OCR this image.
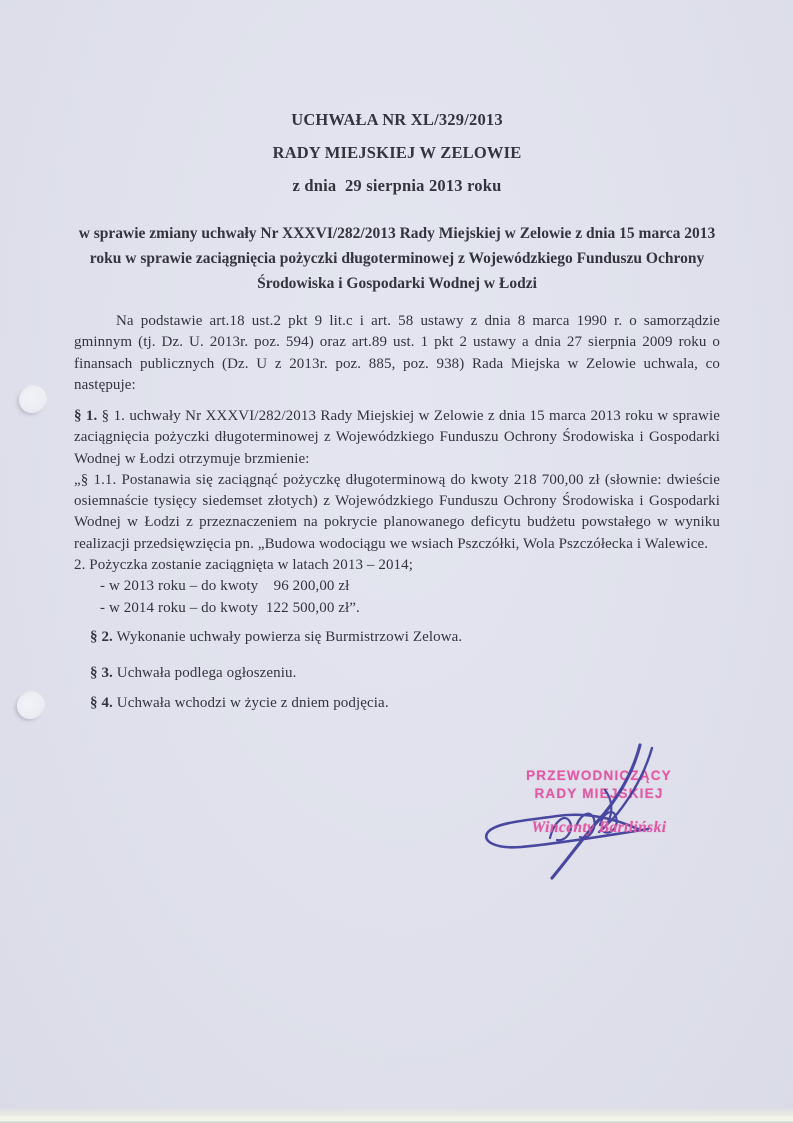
UCHWAŁA NR XL/329/2013
RADY MIEJSKIEJ W ZELOWIE
z dnia  29 sierpnia 2013 roku
w sprawie zmiany uchwały Nr XXXVI/282/2013 Rady Miejskiej w Zelowie z dnia 15 marca 2013 roku w sprawie zaciągnięcia pożyczki długoterminowej z Wojewódzkiego Funduszu Ochrony Środowiska i Gospodarki Wodnej w Łodzi
Na podstawie art.18 ust.2 pkt 9 lit.c i art. 58 ustawy z dnia 8 marca 1990 r. o samorządzie gminnym (tj. Dz. U. 2013r. poz. 594) oraz art.89 ust. 1 pkt 2 ustawy a dnia 27 sierpnia 2009 roku o finansach publicznych (Dz. U z 2013r. poz. 885, poz. 938) Rada Miejska w Zelowie uchwala, co następuje:

§ 1. § 1. uchwały Nr XXXVI/282/2013 Rady Miejskiej w Zelowie z dnia 15 marca 2013 roku w sprawie zaciągnięcia pożyczki długoterminowej z Wojewódzkiego Funduszu Ochrony Środowiska i Gospodarki Wodnej w Łodzi otrzymuje brzmienie:

„§ 1.1. Postanawia się zaciągnąć pożyczkę długoterminową do kwoty 218 700,00 zł (słownie: dwieście osiemnaście tysięcy siedemset złotych) z Wojewódzkiego Funduszu Ochrony Środowiska i Gospodarki Wodnej w Łodzi z przeznaczeniem na pokrycie planowanego deficytu budżetu powstałego w wyniku realizacji przedsięwzięcia pn. „Budowa wodociągu we wsiach Pszczółki, Wola Pszczółecka i Walewice.

2. Pożyczka zostanie zaciągnięta w latach 2013 – 2014;

- w 2013 roku – do kwoty    96 200,00 zł

- w 2014 roku – do kwoty  122 500,00 zł”.

§ 2. Wykonanie uchwały powierza się Burmistrzowi Zelowa.
§ 3. Uchwała podlega ogłoszeniu.
§ 4. Uchwała wchodzi w życie z dniem podjęcia.
PRZEWODNICZĄCY
RADY MIEJSKIEJ
Wincenty Bartliński
